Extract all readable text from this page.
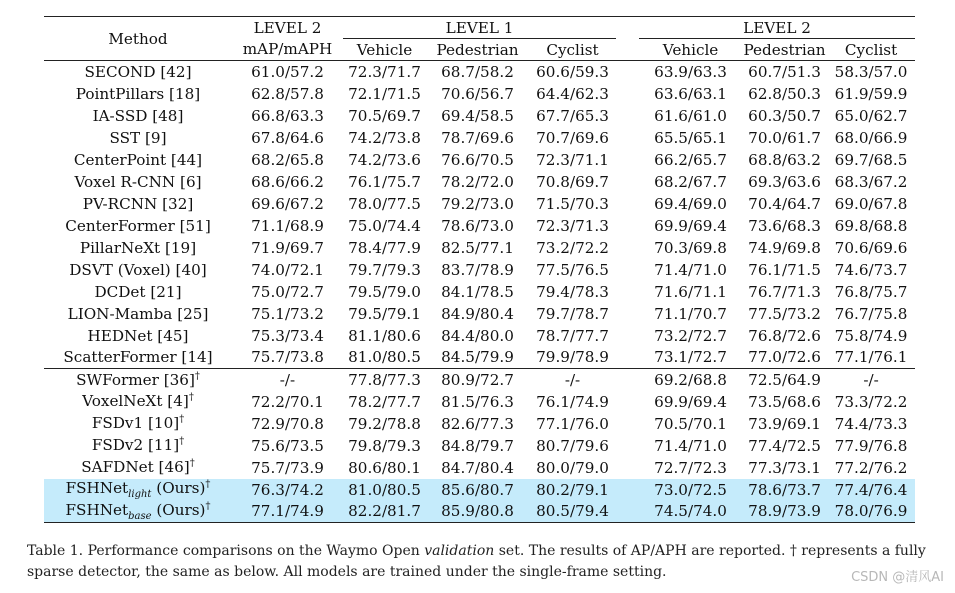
Method	LEVEL 2	LEVEL 1				LEVEL 2		
	mAP/mAPH	Vehicle	Pedestrian	Cyclist		Vehicle	Pedestrian	Cyclist
SECOND [42]	61.0/57.2	72.3/71.7	68.7/58.2	60.6/59.3		63.9/63.3	60.7/51.3	58.3/57.0
PointPillars [18]	62.8/57.8	72.1/71.5	70.6/56.7	64.4/62.3		63.6/63.1	62.8/50.3	61.9/59.9
IA-SSD [48]	66.8/63.3	70.5/69.7	69.4/58.5	67.7/65.3		61.6/61.0	60.3/50.7	65.0/62.7
SST [9]	67.8/64.6	74.2/73.8	78.7/69.6	70.7/69.6		65.5/65.1	70.0/61.7	68.0/66.9
CenterPoint [44]	68.2/65.8	74.2/73.6	76.6/70.5	72.3/71.1		66.2/65.7	68.8/63.2	69.7/68.5
Voxel R-CNN [6]	68.6/66.2	76.1/75.7	78.2/72.0	70.8/69.7		68.2/67.7	69.3/63.6	68.3/67.2
PV-RCNN [32]	69.6/67.2	78.0/77.5	79.2/73.0	71.5/70.3		69.4/69.0	70.4/64.7	69.0/67.8
CenterFormer [51]	71.1/68.9	75.0/74.4	78.6/73.0	72.3/71.3		69.9/69.4	73.6/68.3	69.8/68.8
PillarNeXt [19]	71.9/69.7	78.4/77.9	82.5/77.1	73.2/72.2		70.3/69.8	74.9/69.8	70.6/69.6
DSVT (Voxel) [40]	74.0/72.1	79.7/79.3	83.7/78.9	77.5/76.5		71.4/71.0	76.1/71.5	74.6/73.7
DCDet [21]	75.0/72.7	79.5/79.0	84.1/78.5	79.4/78.3		71.6/71.1	76.7/71.3	76.8/75.7
LION-Mamba [25]	75.1/73.2	79.5/79.1	84.9/80.4	79.7/78.7		71.1/70.7	77.5/73.2	76.7/75.8
HEDNet [45]	75.3/73.4	81.1/80.6	84.4/80.0	78.7/77.7		73.2/72.7	76.8/72.6	75.8/74.9
ScatterFormer [14]	75.7/73.8	81.0/80.5	84.5/79.9	79.9/78.9		73.1/72.7	77.0/72.6	77.1/76.1
SWFormer [36]†	-/-	77.8/77.3	80.9/72.7	-/-		69.2/68.8	72.5/64.9	-/-
VoxelNeXt [4]†	72.2/70.1	78.2/77.7	81.5/76.3	76.1/74.9		69.9/69.4	73.5/68.6	73.3/72.2
FSDv1 [10]†	72.9/70.8	79.2/78.8	82.6/77.3	77.1/76.0		70.5/70.1	73.9/69.1	74.4/73.3
FSDv2 [11]†	75.6/73.5	79.8/79.3	84.8/79.7	80.7/79.6		71.4/71.0	77.4/72.5	77.9/76.8
SAFDNet [46]†	75.7/73.9	80.6/80.1	84.7/80.4	80.0/79.0		72.7/72.3	77.3/73.1	77.2/76.2
FSHNet$_{light}$ (Ours)†	76.3/74.2	81.0/80.5	85.6/80.7	80.2/79.1		73.0/72.5	78.6/73.7	77.4/76.4
FSHNet$_{base}$ (Ours)†	77.1/74.9	82.2/81.7	85.9/80.8	80.5/79.4		74.5/74.0	78.9/73.9	78.0/76.9
Table 1. Performance comparisons on the Waymo Open validation set. The results of AP/APH are reported. † represents a fully sparse detector, the same as below. All models are trained under the single-frame setting.	CSDN @清风AI
